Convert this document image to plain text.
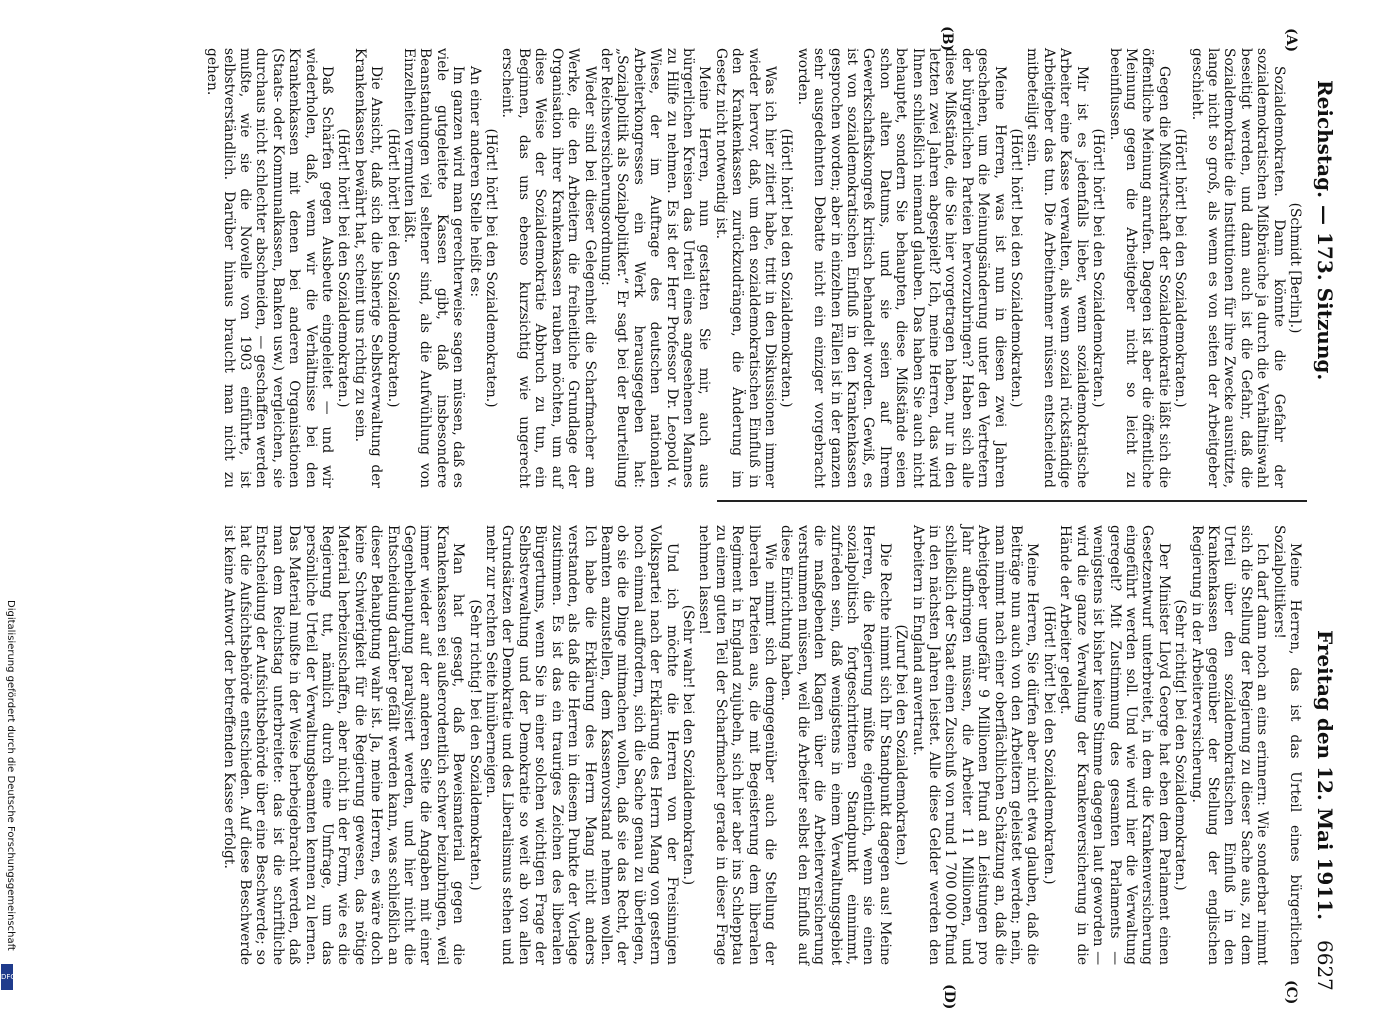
Reichstag. — 173. Sitzung.
Freitag den 12. Mai 1911.
6627
(A)
(B)
(C)
(D)

(Schmidt [Berlin].)

Sozialdemokraten. Dann könnte die Gefahr der sozialdemokratischen Mißbräuche ja durch die Verhältniswahl beseitigt werden, und dann auch ist die Gefahr, daß die Sozialdemokratie die Institutionen für ihre Zwecke ausnützte, lange nicht so groß, als wenn es von seiten der Arbeitgeber geschieht.

(Hört! hört! bei den Sozialdemokraten.)

Gegen die Mißwirtschaft der Sozialdemokratie läßt sich die öffentliche Meinung anrufen. Dagegen ist aber die öffentliche Meinung gegen die Arbeitgeber nicht so leicht zu beeinflussen.

(Hört! hört! bei den Sozialdemokraten.)

Mir ist es jedenfalls lieber, wenn sozialdemokratische Arbeiter eine Kasse verwalten, als wenn sozial rückständige Arbeitgeber das tun. Die Arbeitnehmer müssen entscheidend mitbeteiligt sein.

(Hört! hört! bei den Sozialdemokraten.)

Meine Herren, was ist nun in diesen zwei Jahren geschehen, um die Meinungsänderung unter den Vertretern der bürgerlichen Parteien hervorzubringen? Haben sich alle diese Mißstände, die Sie hier vorgetragen haben, nur in den letzten zwei Jahren abgespielt? Ich, meine Herren, das wird Ihnen schließlich niemand glauben. Das haben Sie auch nicht behauptet, sondern Sie behaupten, diese Mißstände seien schon alten Datums, und sie seien auf Ihrem Gewerkschaftskongreß kritisch behandelt worden. Gewiß, es ist von sozialdemokratischen Einfluß in den Krankenkassen gesprochen worden; aber in einzelnen Fällen ist in der ganzen sehr ausgedehnten Debatte nicht ein einziger vorgebracht worden.

(Hört! hört! bei den Sozialdemokraten.)

Was ich hier zitiert habe, tritt in den Diskussionen immer wieder hervor, daß, um den sozialdemokratischen Einfluß in den Krankenkassen zurückzudrängen, die Änderung im Gesetz nicht notwendig ist.

Meine Herren, nun gestatten Sie mir, auch aus bürgerlichen Kreisen das Urteil eines angesehenen Mannes zu Hilfe zu nehmen. Es ist der Herr Professor Dr. Leopold v. Wiese, der im Auftrage des deutschen nationalen Arbeiterkongresses ein Werk herausgegeben hat: „Sozialpolitik als Sozialpolitiker.“ Er sagt bei der Beurteilung der Reichsversicherungsordnung:

Wieder sind bei dieser Gelegenheit die Scharfmacher am Werke, die den Arbeitern die freiheitliche Grundlage der Organisation ihrer Krankenkassen rauben möchten, um auf diese Weise der Sozialdemokratie Abbruch zu tun, ein Beginnen, das uns ebenso kurzsichtig wie ungerecht erscheint.

(Hört! hört! bei den Sozialdemokraten.)

An einer anderen Stelle heißt es:

Im ganzen wird man gerechterweise sagen müssen, daß es viele gutgeleitete Kassen gibt, daß insbesondere Beanstandungen viel seltener sind, als die Aufwühlung von Einzelheiten vermuten läßt.

(Hört! hört! bei den Sozialdemokraten.)

Die Ansicht, daß sich die bisherige Selbstverwaltung der Krankenkassen bewährt hat, scheint uns richtig zu sein.

(Hört! hört! bei den Sozialdemokraten.)

Daß Schärfen gegen Ausbeute eingeleitet — und wir wiederholen, daß, wenn wir die Verhältnisse bei den Krankenkassen mit denen bei anderen Organisationen (Staats- oder Kommunalkassen, Banken usw.) vergleichen, sie durchaus nicht schlechter abschneiden, — geschaffen werden mußte, wie sie die Novelle von 1903 einführte, ist selbstverständlich. Darüber hinaus braucht man nicht zu gehen.

Meine Herren, das ist das Urteil eines bürgerlichen Sozialpolitikers!

Ich darf dann noch an eins erinnern: Wie sonderbar nimmt sich die Stellung der Regierung zu dieser Sache aus, zu dem Urteil über den sozialdemokratischen Einfluß in den Krankenkassen gegenüber der Stellung der englischen Regierung in der Arbeiterversicherung.

(Sehr richtig! bei den Sozialdemokraten.)

Der Minister Lloyd George hat eben dem Parlament einen Gesetzentwurf unterbreitet, in dem die Krankenversicherung eingeführt werden soll. Und wie wird hier die Verwaltung geregelt? Mit Zustimmung des gesamten Parlaments — wenigstens ist bisher keine Stimme dagegen laut geworden — wird die ganze Verwaltung der Krankenversicherung in die Hände der Arbeiter gelegt.

(Hört! hört! bei den Sozialdemokraten.)

Meine Herren, Sie dürfen aber nicht etwa glauben, daß die Beiträge nun auch von den Arbeitern geleistet werden; nein, man nimmt nach einer oberflächlichen Schätzung an, daß die Arbeitgeber ungefähr 9 Millionen Pfund an Leistungen pro Jahr aufbringen müssen, die Arbeiter 11 Millionen, und schließlich der Staat einen Zuschuß von rund 1 700 000 Pfund in den nächsten Jahren leistet. Alle diese Gelder werden den Arbeitern in England anvertraut.

(Zuruf bei den Sozialdemokraten.)

Die Rechte nimmt sich Ihr Standpunkt dagegen aus! Meine Herren, die Regierung müßte eigentlich, wenn sie einen sozialpolitisch fortgeschrittenen Standpunkt einnimmt, zufrieden sein, daß wenigstens in einem Verwaltungsgebiet die maßgebenden Klagen über die Arbeiterversicherung verstummen müssen, weil die Arbeiter selbst den Einfluß auf diese Einrichtung haben.

Wie nimmt sich demgegenüber auch die Stellung der liberalen Parteien aus, die mit Begeisterung dem liberalen Regiment in England zujubeln, sich hier aber ins Schlepptau zu einem guten Teil der Scharfmacher gerade in dieser Frage nehmen lassen!

(Sehr wahr! bei den Sozialdemokraten.)

Und ich möchte die Herren von der Freisinnigen Volkspartei nach der Erklärung des Herrn Mang von gestern noch einmal auffordern, sich die Sache genau zu überlegen, ob sie die Dinge mitmachen wollen, daß sie das Recht, der Beamten anzustellen, dem Kassenvorstand nehmen wollen. Ich habe die Erklärung des Herrn Mang nicht anders verstanden, als daß die Herren in diesem Punkte der Vorlage zustimmen. Es ist das ein trauriges Zeichen des liberalen Bürgertums, wenn Sie in einer solchen wichtigen Frage der Selbstverwaltung und der Demokratie so weit ab von allen Grundsätzen der Demokratie und des Liberalismus stehen und mehr zur rechten Seite hinüberneigen.

(Sehr richtig! bei den Sozialdemokraten.)

Man hat gesagt, daß Beweismaterial gegen die Krankenkassen sei außerordentlich schwer beizubringen, weil immer wieder auf der anderen Seite die Angaben mit einer Gegenbehauptung paralysiert werden, und hier nicht die Entscheidung darüber gefällt werden kann, was schließlich an dieser Behauptung wahr ist. Ja, meine Herren, es wäre doch keine Schwierigkeit für die Regierung gewesen, das nötige Material herbeizuschaffen, aber nicht in der Form, wie es die Regierung tut, nämlich durch eine Umfrage, um das persönliche Urteil der Verwaltungsbeamten kennen zu lernen. Das Material mußte in der Weise herbeigebracht werden, daß man dem Reichstag unterbreitete: das ist die schriftliche Entscheidung der Aufsichtsbehörde über eine Beschwerde; so hat die Aufsichtsbehörde entschieden. Auf diese Beschwerde ist keine Antwort der betreffenden Kasse erfolgt.

Digitalisierung gefördert durch die Deutsche Forschungsgemeinschaft
DFG
